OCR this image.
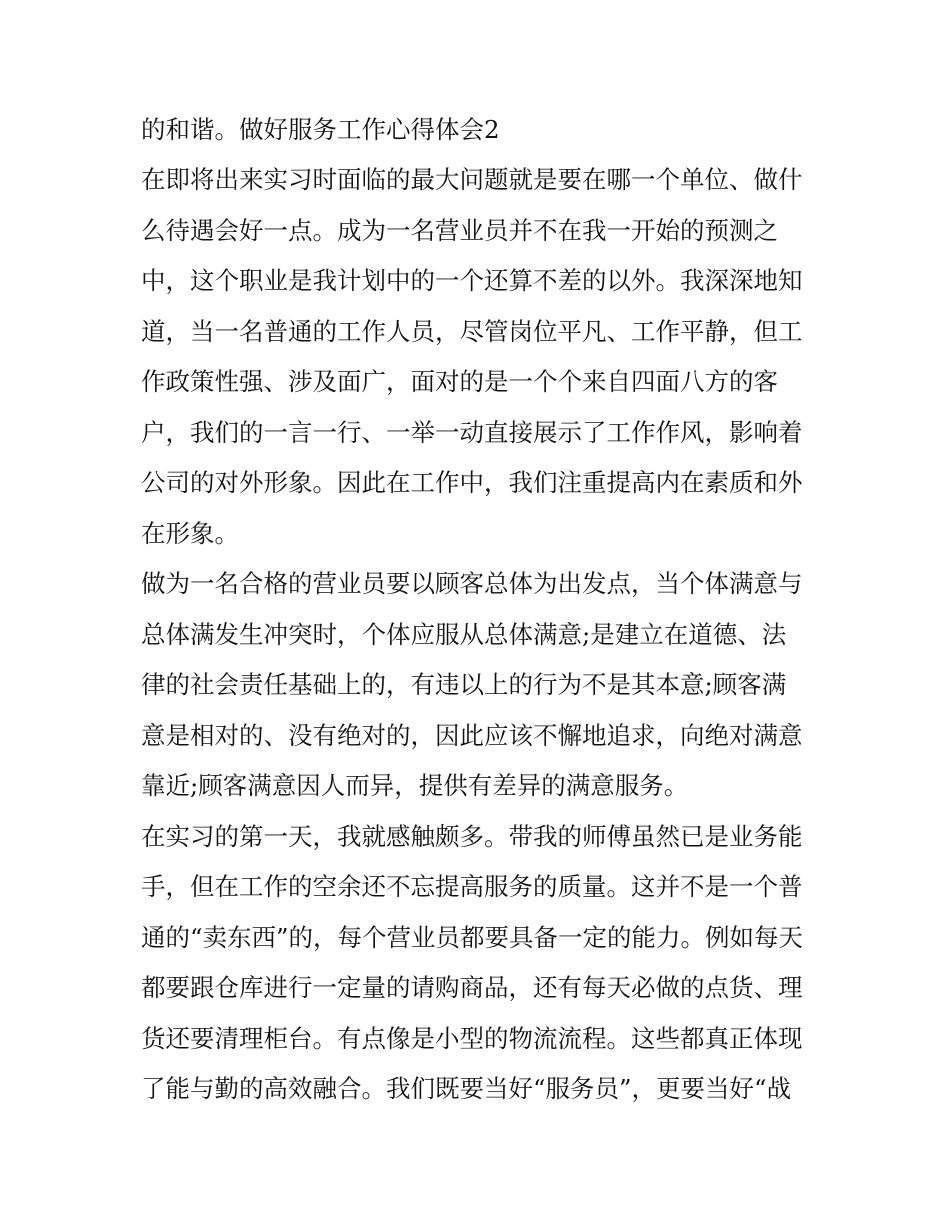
的和谐。做好服务工作心得体会2
在即将出来实习时面临的最大问题就是要在哪一个单位、做什
么待遇会好一点。成为一名营业员并不在我一开始的预测之
中，这个职业是我计划中的一个还算不差的以外。我深深地知
道，当一名普通的工作人员，尽管岗位平凡、工作平静，但工
作政策性强、涉及面广，面对的是一个个来自四面八方的客
户，我们的一言一行、一举一动直接展示了工作作风，影响着
公司的对外形象。因此在工作中，我们注重提高内在素质和外
在形象。
做为一名合格的营业员要以顾客总体为出发点，当个体满意与
总体满发生冲突时，个体应服从总体满意;是建立在道德、法
律的社会责任基础上的，有违以上的行为不是其本意;顾客满
意是相对的、没有绝对的，因此应该不懈地追求，向绝对满意
靠近;顾客满意因人而异，提供有差异的满意服务。
在实习的第一天，我就感触颇多。带我的师傅虽然已是业务能
手，但在工作的空余还不忘提高服务的质量。这并不是一个普
通的“卖东西”的，每个营业员都要具备一定的能力。例如每天
都要跟仓库进行一定量的请购商品，还有每天必做的点货、理
货还要清理柜台。有点像是小型的物流流程。这些都真正体现
了能与勤的高效融合。我们既要当好“服务员”，更要当好“战
